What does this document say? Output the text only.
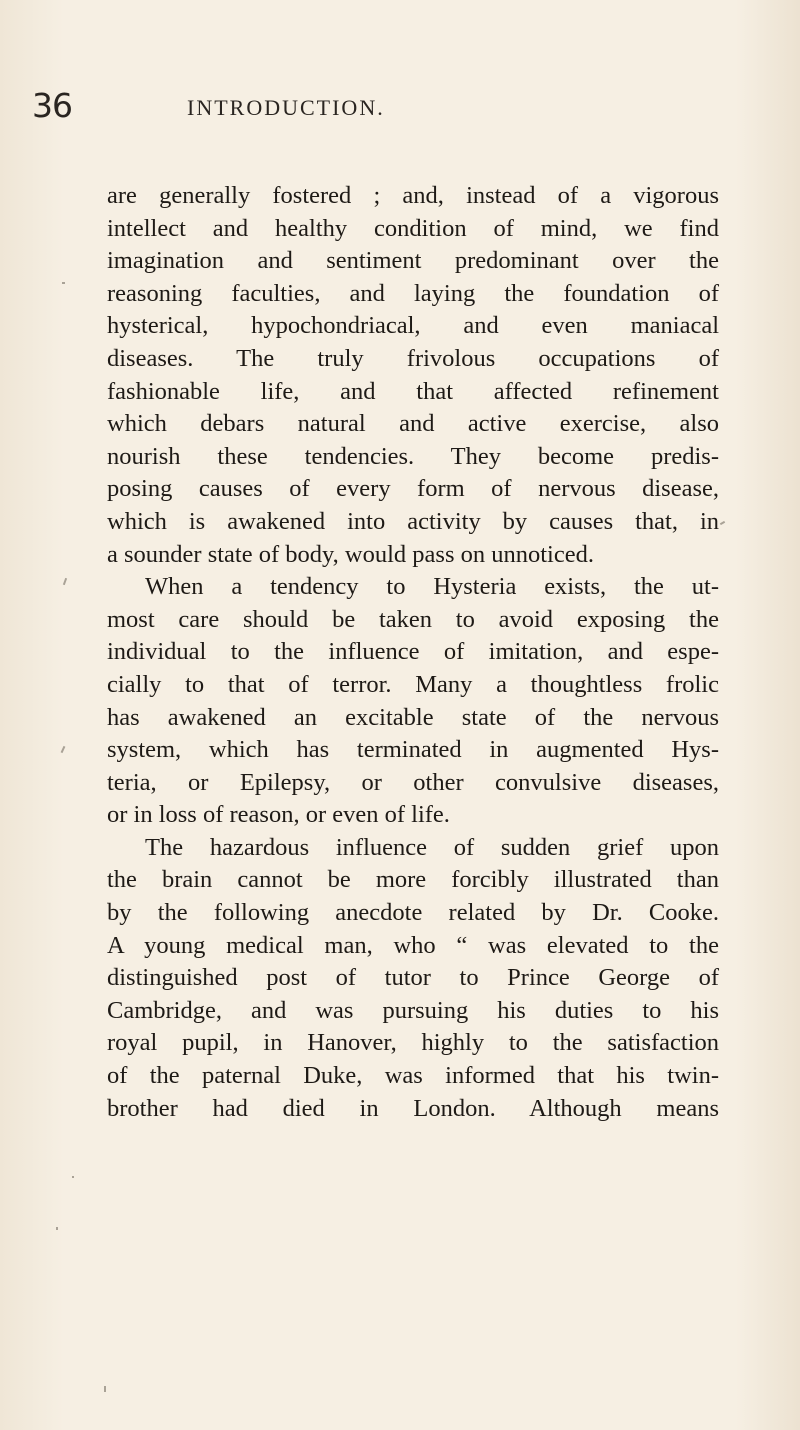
36	INTRODUCTION.
are generally fostered ; and, instead of a vigorous
intellect and healthy condition of mind, we find
imagination and sentiment predominant over the
reasoning faculties, and laying the foundation of
hysterical, hypochondriacal, and even maniacal
diseases. The truly frivolous occupations of
fashionable life, and that affected refinement
which debars natural and active exercise, also
nourish these tendencies. They become predis-
posing causes of every form of nervous disease,
which is awakened into activity by causes that, in
a sounder state of body, would pass on unnoticed.
When a tendency to Hysteria exists, the ut-
most care should be taken to avoid exposing the
individual to the influence of imitation, and espe-
cially to that of terror. Many a thoughtless frolic
has awakened an excitable state of the nervous
system, which has terminated in augmented Hys-
teria, or Epilepsy, or other convulsive diseases,
or in loss of reason, or even of life.
The hazardous influence of sudden grief upon
the brain cannot be more forcibly illustrated than
by the following anecdote related by Dr. Cooke.
A young medical man, who “ was elevated to the
distinguished post of tutor to Prince George of
Cambridge, and was pursuing his duties to his
royal pupil, in Hanover, highly to the satisfaction
of the paternal Duke, was informed that his twin-
brother had died in London. Although means
